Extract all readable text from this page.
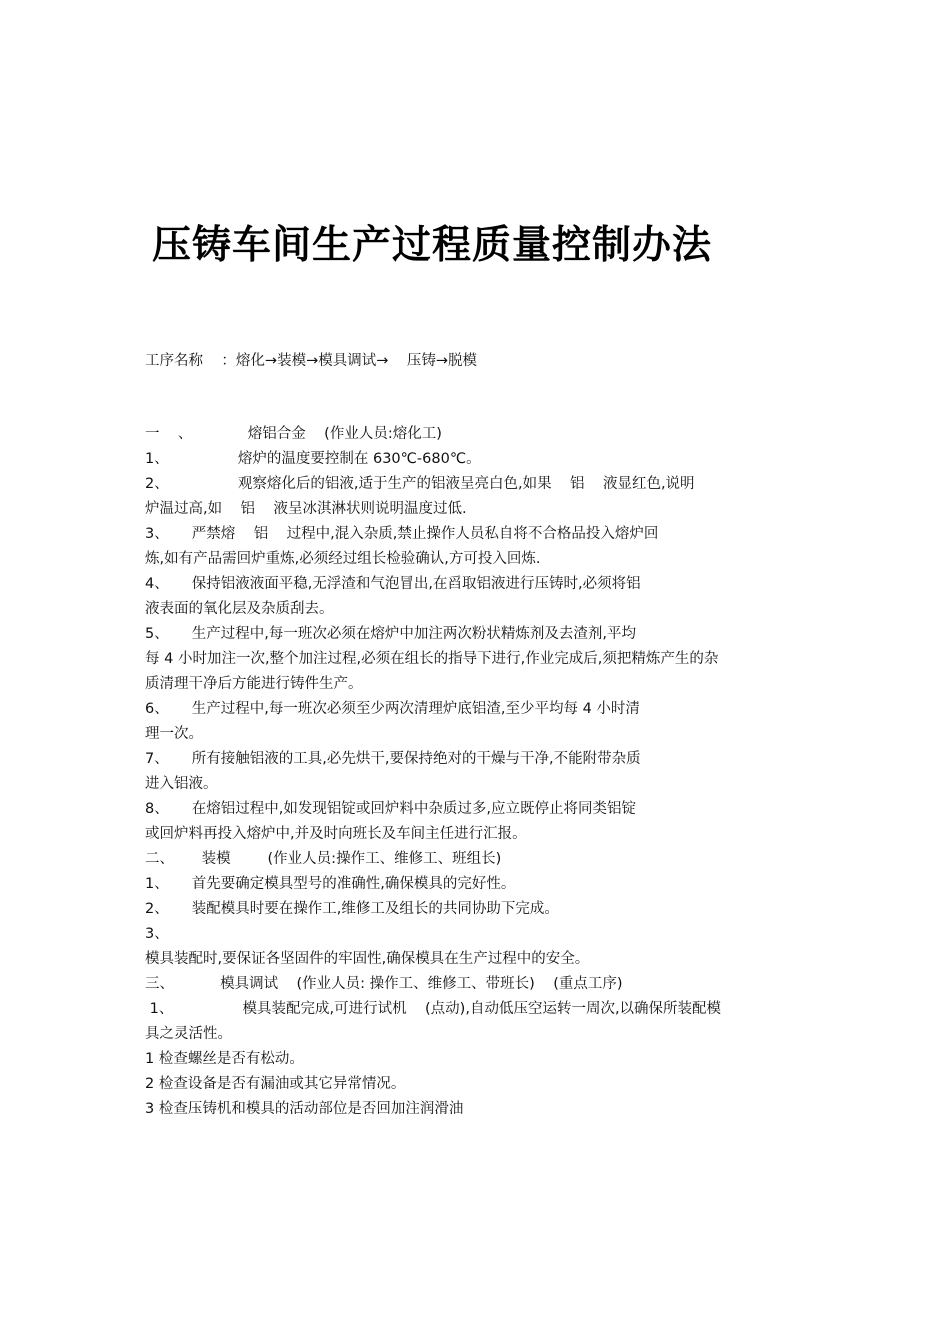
压铸车间生产过程质量控制办法
工序名称    ：熔化→装模→模具调试→    压铸→脱模
一    、            熔铝合金    (作业人员:熔化工)
1、               熔炉的温度要控制在 630℃-680℃。
2、               观察熔化后的铝液,适于生产的铝液呈亮白色,如果    铝    液显红色,说明
炉温过高,如    铝    液呈冰淇淋状则说明温度过低.
3、     严禁熔    铝    过程中,混入杂质,禁止操作人员私自将不合格品投入熔炉回
炼,如有产品需回炉重炼,必须经过组长检验确认,方可投入回炼.
4、     保持铝液液面平稳,无浮渣和气泡冒出,在舀取铝液进行压铸时,必须将铝
液表面的氧化层及杂质刮去。
5、     生产过程中,每一班次必须在熔炉中加注两次粉状精炼剂及去渣剂,平均
每 4 小时加注一次,整个加注过程,必须在组长的指导下进行,作业完成后,须把精炼产生的杂
质清理干净后方能进行铸件生产。
6、     生产过程中,每一班次必须至少两次清理炉底铝渣,至少平均每 4 小时清
理一次。
7、     所有接触铝液的工具,必先烘干,要保持绝对的干燥与干净,不能附带杂质
进入铝液。
8、     在熔铝过程中,如发现铝锭或回炉料中杂质过多,应立既停止将同类铝锭
或回炉料再投入熔炉中,并及时向班长及车间主任进行汇报。
二、      装模        (作业人员:操作工、维修工、班组长)
1、     首先要确定模具型号的准确性,确保模具的完好性。
2、     装配模具时要在操作工,维修工及组长的共同协助下完成。
3、
模具装配时,要保证各坚固件的牢固性,确保模具在生产过程中的安全。
三、          模具调试    (作业人员: 操作工、维修工、带班长)    (重点工序)
1、               模具装配完成,可进行试机    (点动),自动低压空运转一周次,以确保所装配模
具之灵活性。
1 检查螺丝是否有松动。
2 检查设备是否有漏油或其它异常情况。
3 检查压铸机和模具的活动部位是否回加注润滑油
